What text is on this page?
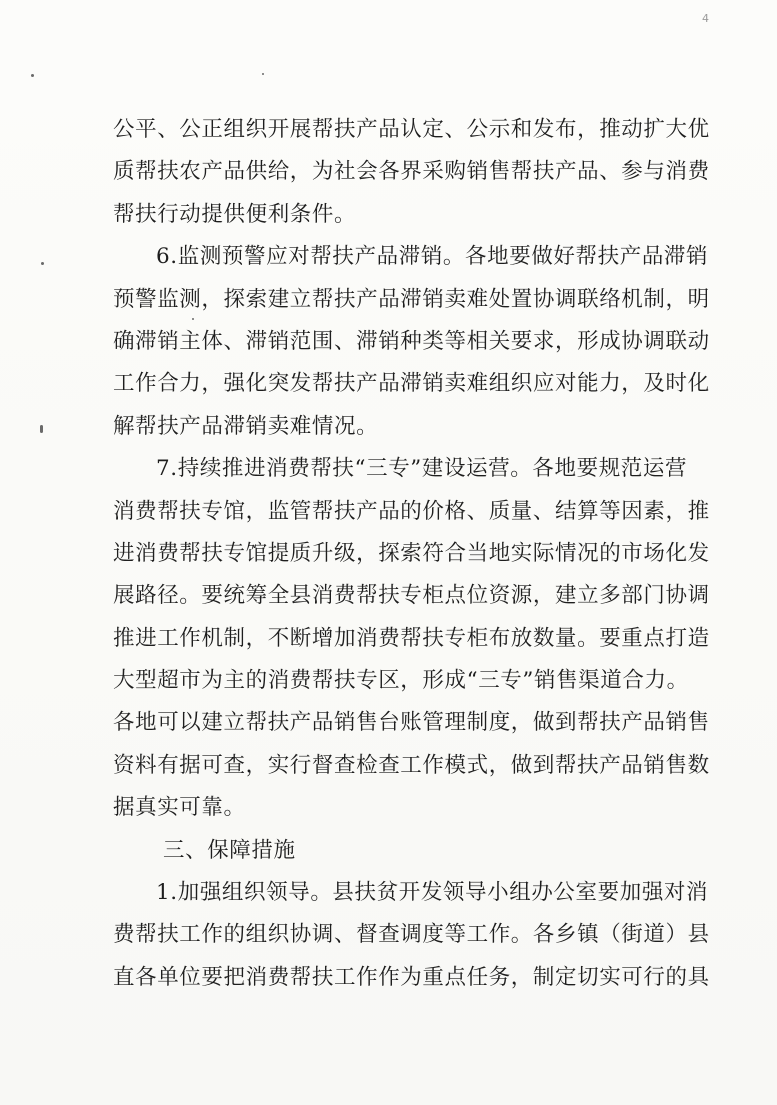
4
公平、公正组织开展帮扶产品认定、公示和发布，推动扩大优
质帮扶农产品供给，为社会各界采购销售帮扶产品、参与消费
帮扶行动提供便利条件。
6.监测预警应对帮扶产品滞销。各地要做好帮扶产品滞销
预警监测，探索建立帮扶产品滞销卖难处置协调联络机制，明
确滞销主体、滞销范围、滞销种类等相关要求，形成协调联动
工作合力，强化突发帮扶产品滞销卖难组织应对能力，及时化
解帮扶产品滞销卖难情况。
7.持续推进消费帮扶“三专”建设运营。各地要规范运营
消费帮扶专馆，监管帮扶产品的价格、质量、结算等因素，推
进消费帮扶专馆提质升级，探索符合当地实际情况的市场化发
展路径。要统筹全县消费帮扶专柜点位资源，建立多部门协调
推进工作机制，不断增加消费帮扶专柜布放数量。要重点打造
大型超市为主的消费帮扶专区，形成“三专”销售渠道合力。
各地可以建立帮扶产品销售台账管理制度，做到帮扶产品销售
资料有据可查，实行督查检查工作模式，做到帮扶产品销售数
据真实可靠。
三、保障措施
1.加强组织领导。县扶贫开发领导小组办公室要加强对消
费帮扶工作的组织协调、督查调度等工作。各乡镇（街道）县
直各单位要把消费帮扶工作作为重点任务，制定切实可行的具
